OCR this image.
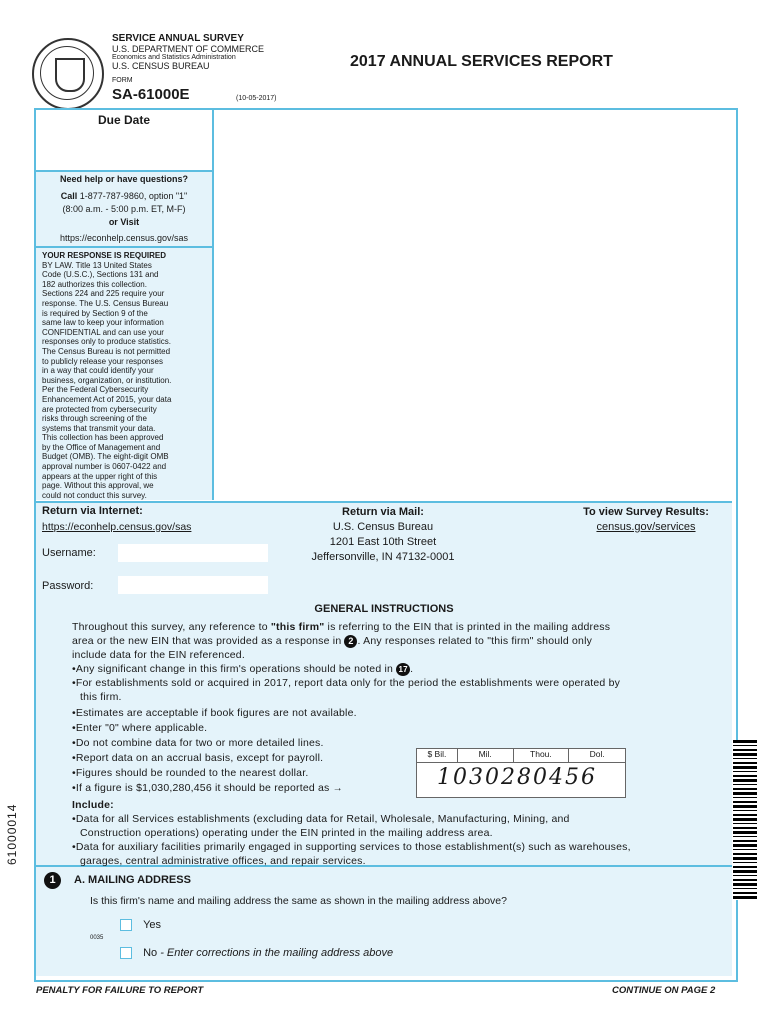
SERVICE ANNUAL SURVEY
U.S. DEPARTMENT OF COMMERCE
Economics and Statistics Administration
U.S. CENSUS BUREAU
FORM
SA-61000E	(10-05-2017)
2017 ANNUAL SERVICES REPORT
Due Date
Need help or have questions?
Call 1-877-787-9860, option "1"
(8:00 a.m. - 5:00 p.m. ET, M-F)
or Visit
https://econhelp.census.gov/sas
YOUR RESPONSE IS REQUIRED
BY LAW. Title 13 United States
Code (U.S.C.), Sections 131 and
182 authorizes this collection.
Sections 224 and 225 require your
response. The U.S. Census Bureau
is required by Section 9 of the
same law to keep your information
CONFIDENTIAL and can use your
responses only to produce statistics.
The Census Bureau is not permitted
to publicly release your responses
in a way that could identify your
business, organization, or institution.
Per the Federal Cybersecurity
Enhancement Act of 2015, your data
are protected from cybersecurity
risks through screening of the
systems that transmit your data.
This collection has been approved
by the Office of Management and
Budget (OMB). The eight-digit OMB
approval number is 0607-0422 and
appears at the upper right of this
page. Without this approval, we
could not conduct this survey.
Return via Internet:
https://econhelp.census.gov/sas
Username:
Password:
Return via Mail:
U.S. Census Bureau
1201 East 10th Street
Jeffersonville, IN 47132-0001
To view Survey Results:
census.gov/services
GENERAL INSTRUCTIONS
Throughout this survey, any reference to "this firm" is referring to the EIN that is printed in the mailing address
area or the new EIN that was provided as a response in 2 . Any responses related to "this firm" should only
include data for the EIN referenced.
•Any significant change in this firm's operations should be noted in 17 .
•For establishments sold or acquired in 2017, report data only for the period the establishments were operated by
this firm.
•Estimates are acceptable if book figures are not available.
•Enter "0" where applicable.
•Do not combine data for two or more detailed lines.
•Report data on an accrual basis, except for payroll.
•Figures should be rounded to the nearest dollar.
•If a figure is $1,030,280,456 it should be reported as →
Include:
•Data for all Services establishments (excluding data for Retail, Wholesale, Manufacturing, Mining, and
Construction operations) operating under the EIN printed in the mailing address area.
•Data for auxiliary facilities primarily engaged in supporting services to those establishment(s) such as warehouses,
garages, central administrative offices, and repair services.
$ Bil.	Mil.	Thou.	Dol.
1030280456
1	A. MAILING ADDRESS
Is this firm's name and mailing address the same as shown in the mailing address above?
Yes
0035
No - Enter corrections in the mailing address above
61000014
PENALTY FOR FAILURE TO REPORT	CONTINUE ON PAGE 2
